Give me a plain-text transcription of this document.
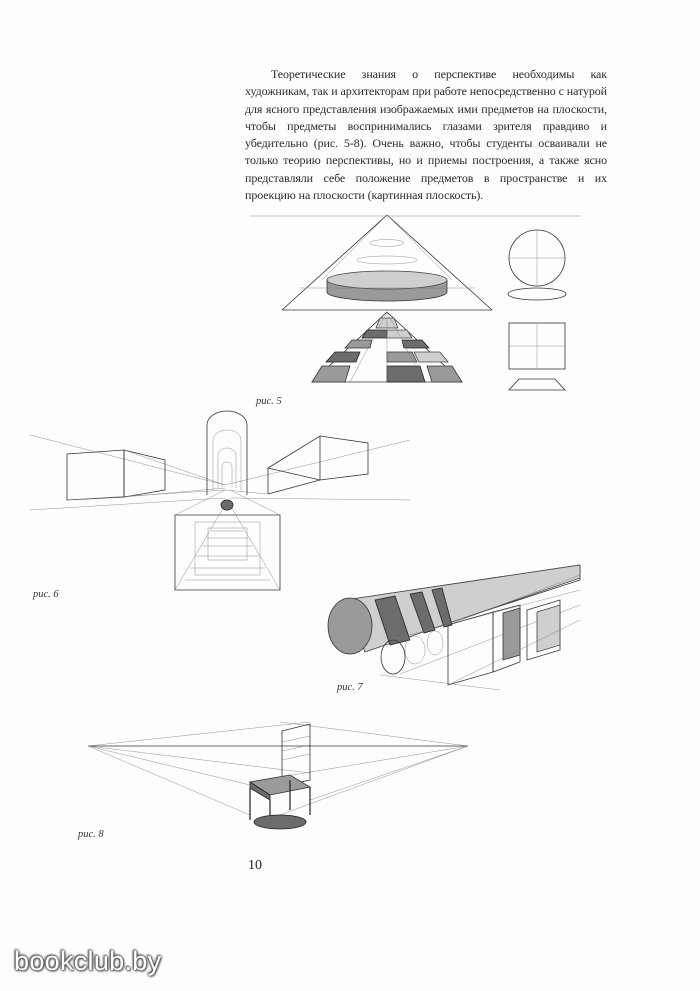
Теоретические знания о перспективе необходимы как художникам, так и архитекторам при работе непосредственно с натурой для ясного представления изображаемых ими предметов на плоскости, чтобы предметы воспринимались глазами зрителя правдиво и убедительно (рис. 5-8). Очень важно, чтобы студенты осваивали не только теорию перспективы, но и приемы построения, а также ясно представляли себе положение предметов в пространстве и их проекцию на плоскости (картинная плоскость).

рис. 5
рис. 6
рис. 7
рис. 8
10
bookclub.by
